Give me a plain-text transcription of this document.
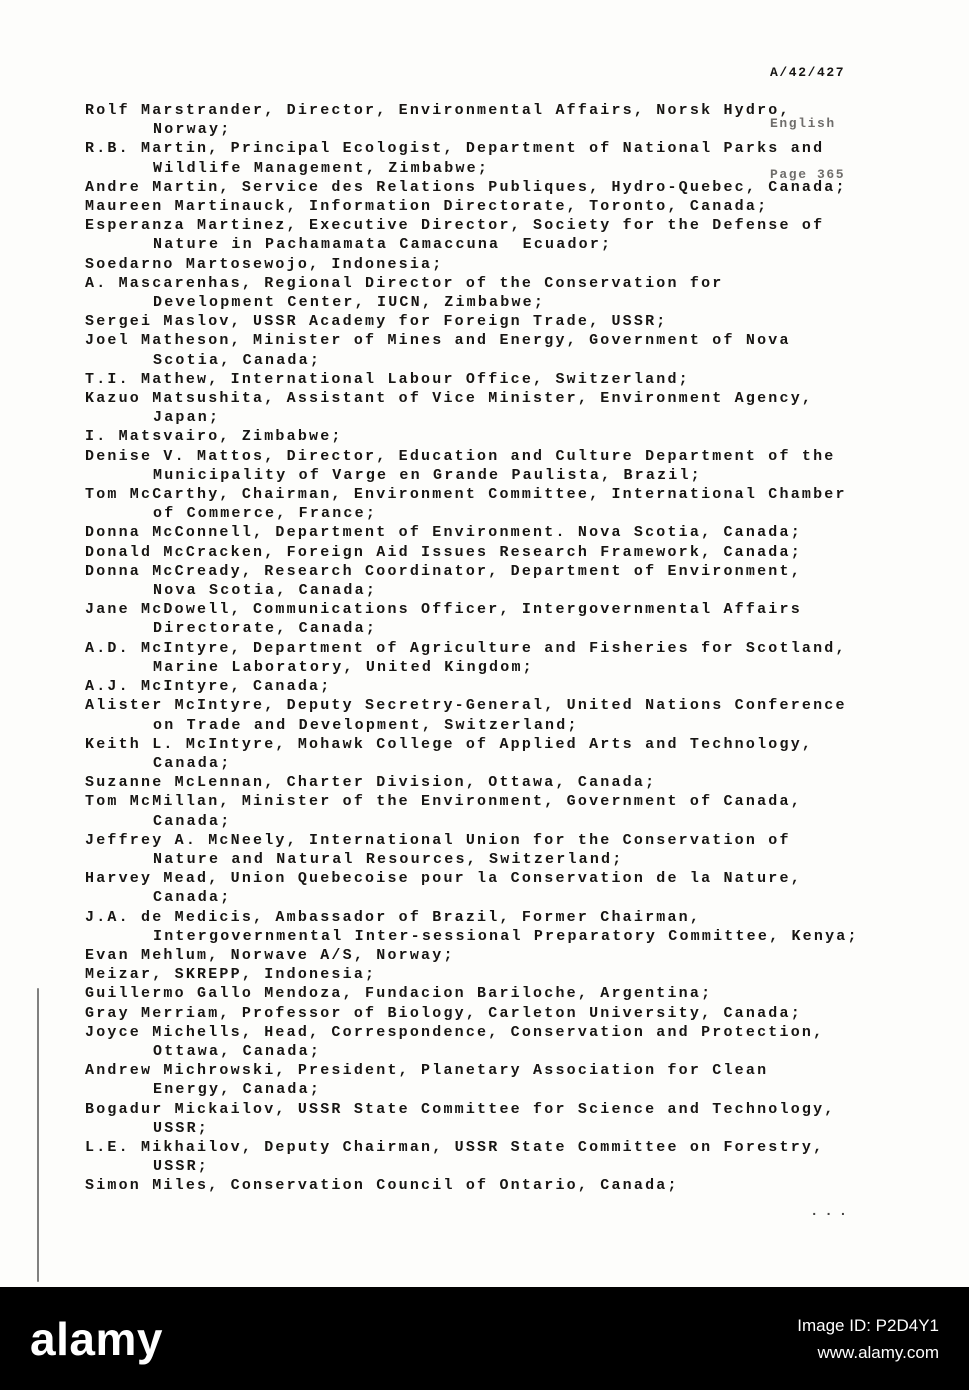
A/42/427

English

Page 365

Rolf Marstrander, Director, Environmental Affairs, Norsk Hydro,
Norway;
R.B. Martin, Principal Ecologist, Department of National Parks and
Wildlife Management, Zimbabwe;
Andre Martin, Service des Relations Publiques, Hydro-Quebec, Canada;
Maureen Martinauck, Information Directorate, Toronto, Canada;
Esperanza Martinez, Executive Director, Society for the Defense of
Nature in Pachamamata Camaccuna  Ecuador;
Soedarno Martosewojo, Indonesia;
A. Mascarenhas, Regional Director of the Conservation for
Development Center, IUCN, Zimbabwe;
Sergei Maslov, USSR Academy for Foreign Trade, USSR;
Joel Matheson, Minister of Mines and Energy, Government of Nova
Scotia, Canada;
T.I. Mathew, International Labour Office, Switzerland;
Kazuo Matsushita, Assistant of Vice Minister, Environment Agency,
Japan;
I. Matsvairo, Zimbabwe;
Denise V. Mattos, Director, Education and Culture Department of the
Municipality of Varge en Grande Paulista, Brazil;
Tom McCarthy, Chairman, Environment Committee, International Chamber
of Commerce, France;
Donna McConnell, Department of Environment. Nova Scotia, Canada;
Donald McCracken, Foreign Aid Issues Research Framework, Canada;
Donna McCready, Research Coordinator, Department of Environment,
Nova Scotia, Canada;
Jane McDowell, Communications Officer, Intergovernmental Affairs
Directorate, Canada;
A.D. McIntyre, Department of Agriculture and Fisheries for Scotland,
Marine Laboratory, United Kingdom;
A.J. McIntyre, Canada;
Alister McIntyre, Deputy Secretry-General, United Nations Conference
on Trade and Development, Switzerland;
Keith L. McIntyre, Mohawk College of Applied Arts and Technology,
Canada;
Suzanne McLennan, Charter Division, Ottawa, Canada;
Tom McMillan, Minister of the Environment, Government of Canada,
Canada;
Jeffrey A. McNeely, International Union for the Conservation of
Nature and Natural Resources, Switzerland;
Harvey Mead, Union Quebecoise pour la Conservation de la Nature,
Canada;
J.A. de Medicis, Ambassador of Brazil, Former Chairman,
Intergovernmental Inter-sessional Preparatory Committee, Kenya;
Evan Mehlum, Norwave A/S, Norway;
Meizar, SKREPP, Indonesia;
Guillermo Gallo Mendoza, Fundacion Bariloche, Argentina;
Gray Merriam, Professor of Biology, Carleton University, Canada;
Joyce Michells, Head, Correspondence, Conservation and Protection,
Ottawa, Canada;
Andrew Michrowski, President, Planetary Association for Clean
Energy, Canada;
Bogadur Mickailov, USSR State Committee for Science and Technology,
USSR;
L.E. Mikhailov, Deputy Chairman, USSR State Committee on Forestry,
USSR;
Simon Miles, Conservation Council of Ontario, Canada;
...
alamy	Image ID: P2D4Y1
www.alamy.com
